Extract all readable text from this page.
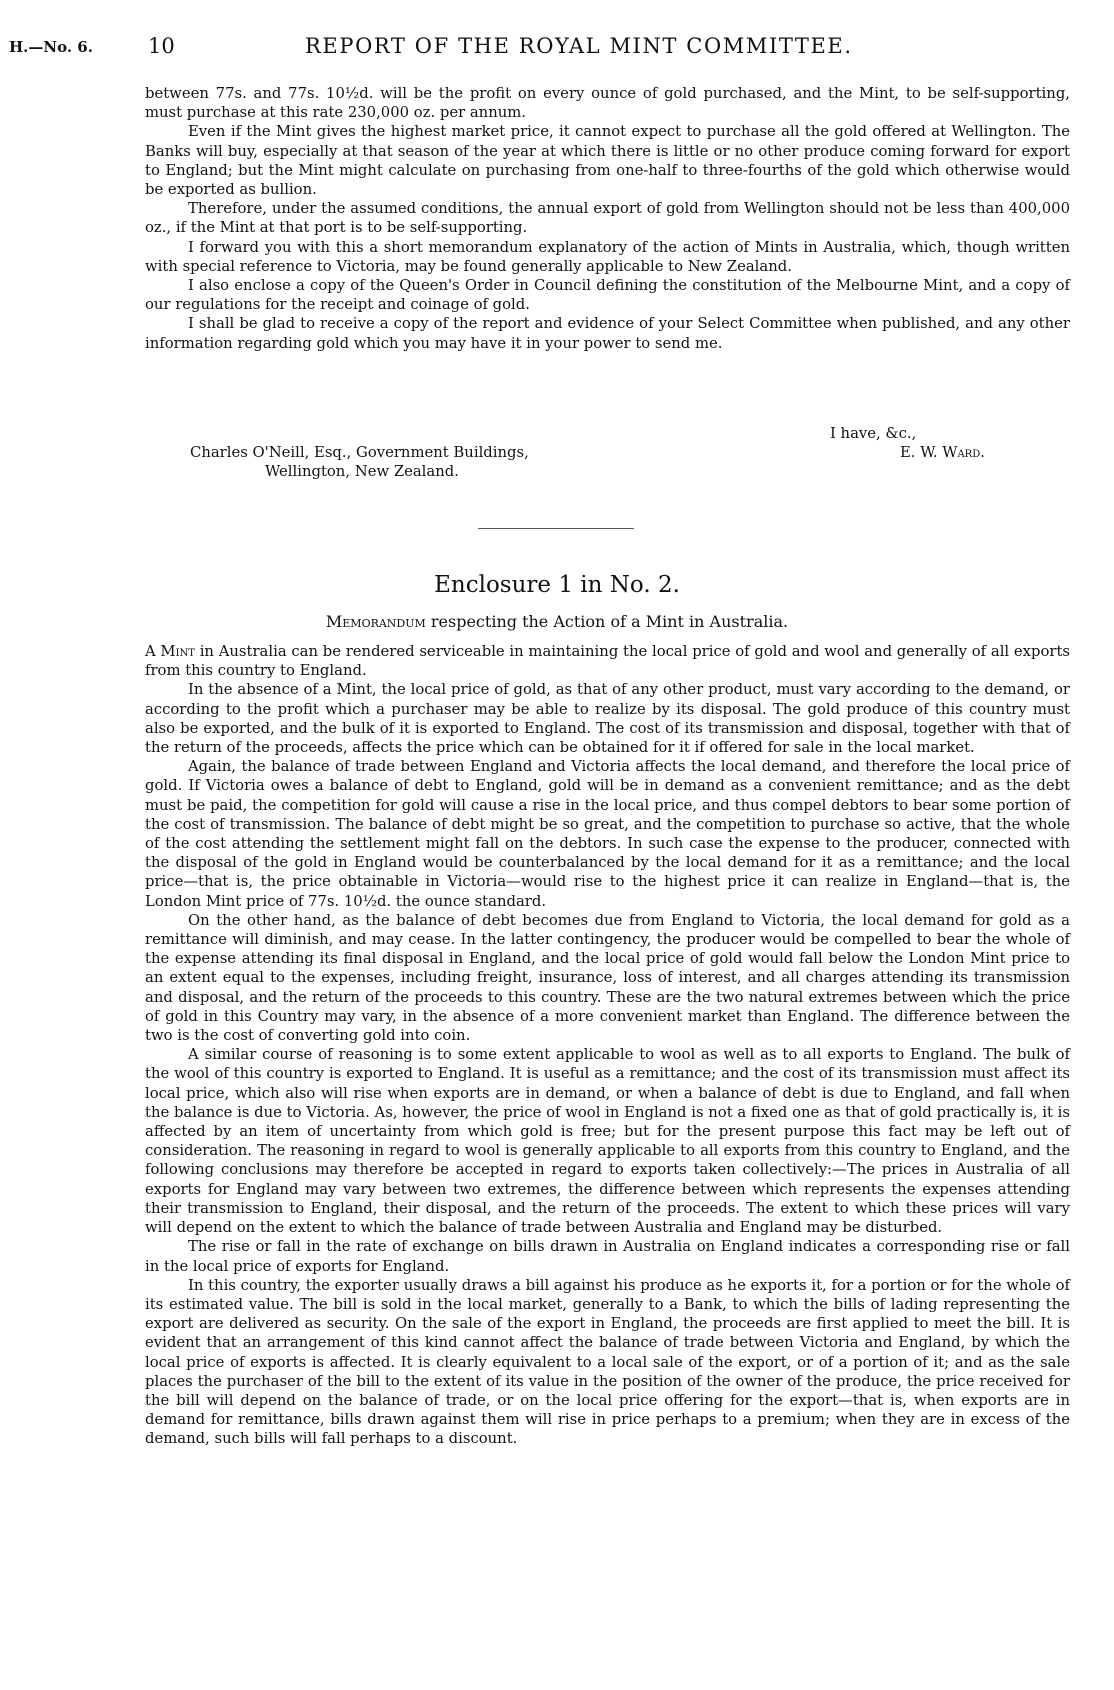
H.—No. 6.	10	REPORT OF THE ROYAL MINT COMMITTEE.

between 77s. and 77s. 10½d. will be the profit on every ounce of gold purchased, and the Mint, to be self-supporting, must purchase at this rate 230,000 oz. per annum.

Even if the Mint gives the highest market price, it cannot expect to purchase all the gold offered at Wellington. The Banks will buy, especially at that season of the year at which there is little or no other produce coming forward for export to England; but the Mint might calculate on purchasing from one-half to three-fourths of the gold which otherwise would be exported as bullion.

Therefore, under the assumed conditions, the annual export of gold from Wellington should not be less than 400,000 oz., if the Mint at that port is to be self-supporting.

I forward you with this a short memorandum explanatory of the action of Mints in Australia, which, though written with special reference to Victoria, may be found generally applicable to New Zealand.

I also enclose a copy of the Queen's Order in Council defining the constitution of the Melbourne Mint, and a copy of our regulations for the receipt and coinage of gold.

I shall be glad to receive a copy of the report and evidence of your Select Committee when published, and any other information regarding gold which you may have it in your power to send me.

I have, &c.,
E. W. Ward.
Charles O'Neill, Esq., Government Buildings,
Wellington, New Zealand.
Enclosure 1 in No. 2.
Memorandum respecting the Action of a Mint in Australia.

A Mint in Australia can be rendered serviceable in maintaining the local price of gold and wool and generally of all exports from this country to England.

In the absence of a Mint, the local price of gold, as that of any other product, must vary according to the demand, or according to the profit which a purchaser may be able to realize by its disposal. The gold produce of this country must also be exported, and the bulk of it is exported to England. The cost of its transmission and disposal, together with that of the return of the proceeds, affects the price which can be obtained for it if offered for sale in the local market.

Again, the balance of trade between England and Victoria affects the local demand, and therefore the local price of gold. If Victoria owes a balance of debt to England, gold will be in demand as a convenient remittance; and as the debt must be paid, the competition for gold will cause a rise in the local price, and thus compel debtors to bear some portion of the cost of transmission. The balance of debt might be so great, and the competition to purchase so active, that the whole of the cost attending the settlement might fall on the debtors. In such case the expense to the producer, connected with the disposal of the gold in England would be counterbalanced by the local demand for it as a remittance; and the local price—that is, the price obtainable in Victoria—would rise to the highest price it can realize in England—that is, the London Mint price of 77s. 10½d. the ounce standard.

On the other hand, as the balance of debt becomes due from England to Victoria, the local demand for gold as a remittance will diminish, and may cease. In the latter contingency, the producer would be compelled to bear the whole of the expense attending its final disposal in England, and the local price of gold would fall below the London Mint price to an extent equal to the expenses, including freight, insurance, loss of interest, and all charges attending its transmission and disposal, and the return of the proceeds to this country. These are the two natural extremes between which the price of gold in this Country may vary, in the absence of a more convenient market than England. The difference between the two is the cost of converting gold into coin.

A similar course of reasoning is to some extent applicable to wool as well as to all exports to England. The bulk of the wool of this country is exported to England. It is useful as a remittance; and the cost of its transmission must affect its local price, which also will rise when exports are in demand, or when a balance of debt is due to England, and fall when the balance is due to Victoria. As, however, the price of wool in England is not a fixed one as that of gold practically is, it is affected by an item of uncertainty from which gold is free; but for the present purpose this fact may be left out of consideration. The reasoning in regard to wool is generally applicable to all exports from this country to England, and the following conclusions may therefore be accepted in regard to exports taken collectively:—The prices in Australia of all exports for England may vary between two extremes, the difference between which represents the expenses attending their transmission to England, their disposal, and the return of the proceeds. The extent to which these prices will vary will depend on the extent to which the balance of trade between Australia and England may be disturbed.

The rise or fall in the rate of exchange on bills drawn in Australia on England indicates a corresponding rise or fall in the local price of exports for England.

In this country, the exporter usually draws a bill against his produce as he exports it, for a portion or for the whole of its estimated value. The bill is sold in the local market, generally to a Bank, to which the bills of lading representing the export are delivered as security. On the sale of the export in England, the proceeds are first applied to meet the bill. It is evident that an arrangement of this kind cannot affect the balance of trade between Victoria and England, by which the local price of exports is affected. It is clearly equivalent to a local sale of the export, or of a portion of it; and as the sale places the purchaser of the bill to the extent of its value in the position of the owner of the produce, the price received for the bill will depend on the balance of trade, or on the local price offering for the export—that is, when exports are in demand for remittance, bills drawn against them will rise in price perhaps to a premium; when they are in excess of the demand, such bills will fall perhaps to a discount.
